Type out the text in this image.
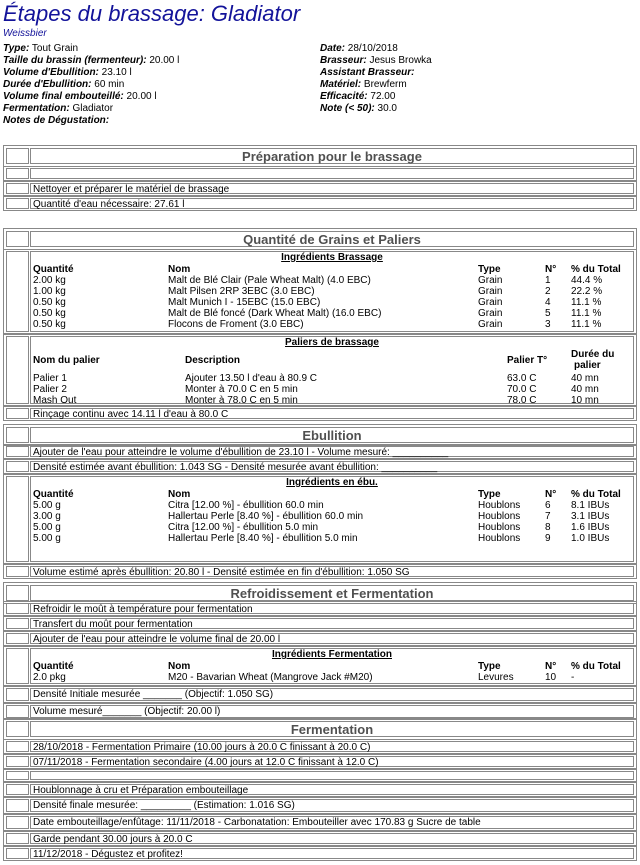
Étapes du brassage: Gladiator
Weissbier
Type: Tout Grain
Taille du brassin (fermenteur): 20.00 l
Volume d'Ebullition: 23.10 l
Durée d'Ebullition: 60 min
Volume final embouteillé: 20.00 l
Fermentation: Gladiator
Notes de Dégustation:
Date: 28/10/2018
Brasseur: Jesus Browka
Assistant Brasseur:
Matériel: Brewferm
Efficacité: 72.00
Note (< 50): 30.0
Préparation pour le brassage
Nettoyer et préparer le matériel de brassage
Quantité d'eau nécessaire: 27.61 l
Quantité de Grains et Paliers
Ingrédients Brassage
Quantité	Nom	Type	N° % du Total
2.00 kg	Malt de Blé Clair (Pale Wheat Malt) (4.0 EBC)	Grain	1 44.4 %
1.00 kg	Malt Pilsen 2RP 3EBC (3.0 EBC)	Grain	2 22.2 %
0.50 kg	Malt Munich I - 15EBC (15.0 EBC)	Grain	4 11.1 %
0.50 kg	Malt de Blé foncé (Dark Wheat Malt) (16.0 EBC)	Grain	5 11.1 %
0.50 kg	Flocons de Froment (3.0 EBC)	Grain	3 11.1 %
Paliers de brassage
Nom du palier	Description	Palier T°
Durée du
palier
Palier 1	Ajouter 13.50 l d'eau à 80.9 C	63.0 C	40 mn
Palier 2	Monter à 70.0 C en 5 min	70.0 C	40 mn
Mash Out	Monter à 78.0 C en 5 min	78.0 C	10 mn
Rinçage continu avec 14.11 l d'eau à 80.0 C
Ebullition
Ajouter de l'eau pour atteindre le volume d'ébullition de 23.10 l - Volume mesuré: __________
Densité estimée avant ébullition: 1.043 SG - Densité mesurée avant ébullition: __________
Ingrédients en ébu.
Quantité	Nom	Type	N° % du Total
5.00 g	Citra [12.00 %] - ébullition 60.0 min	Houblons 6 8.1 IBUs
3.00 g	Hallertau Perle [8.40 %] - ébullition 60.0 min	Houblons 7 3.1 IBUs
5.00 g	Citra [12.00 %] - ébullition 5.0 min	Houblons 8 1.6 IBUs
5.00 g	Hallertau Perle [8.40 %] - ébullition 5.0 min	Houblons 9 1.0 IBUs
Volume estimé après ébullition: 20.80 l - Densité estimée en fin d'ébullition: 1.050 SG
Refroidissement et Fermentation
Refroidir le moût à température pour fermentation
Transfert du moût pour fermentation
Ajouter de l'eau pour atteindre le volume final de 20.00 l
Ingrédients Fermentation
Quantité	Nom	Type	N° % du Total
2.0 pkg	M20 - Bavarian Wheat (Mangrove Jack #M20)	Levures	10 -
Densité Initiale mesurée _______ (Objectif: 1.050 SG)
Volume mesuré_______ (Objectif: 20.00 l)
Fermentation
28/10/2018 - Fermentation Primaire (10.00 jours à 20.0 C finissant à 20.0 C)
07/11/2018 - Fermentation secondaire (4.00 jours at 12.0 C finissant à 12.0 C)
Houblonnage à cru et Préparation embouteillage
Densité finale mesurée: _________ (Estimation: 1.016 SG)
Date embouteillage/enfûtage: 11/11/2018 - Carbonatation: Embouteiller avec 170.83 g Sucre de table
Garde pendant 30.00 jours à 20.0 C
11/12/2018 - Dégustez et profitez!
